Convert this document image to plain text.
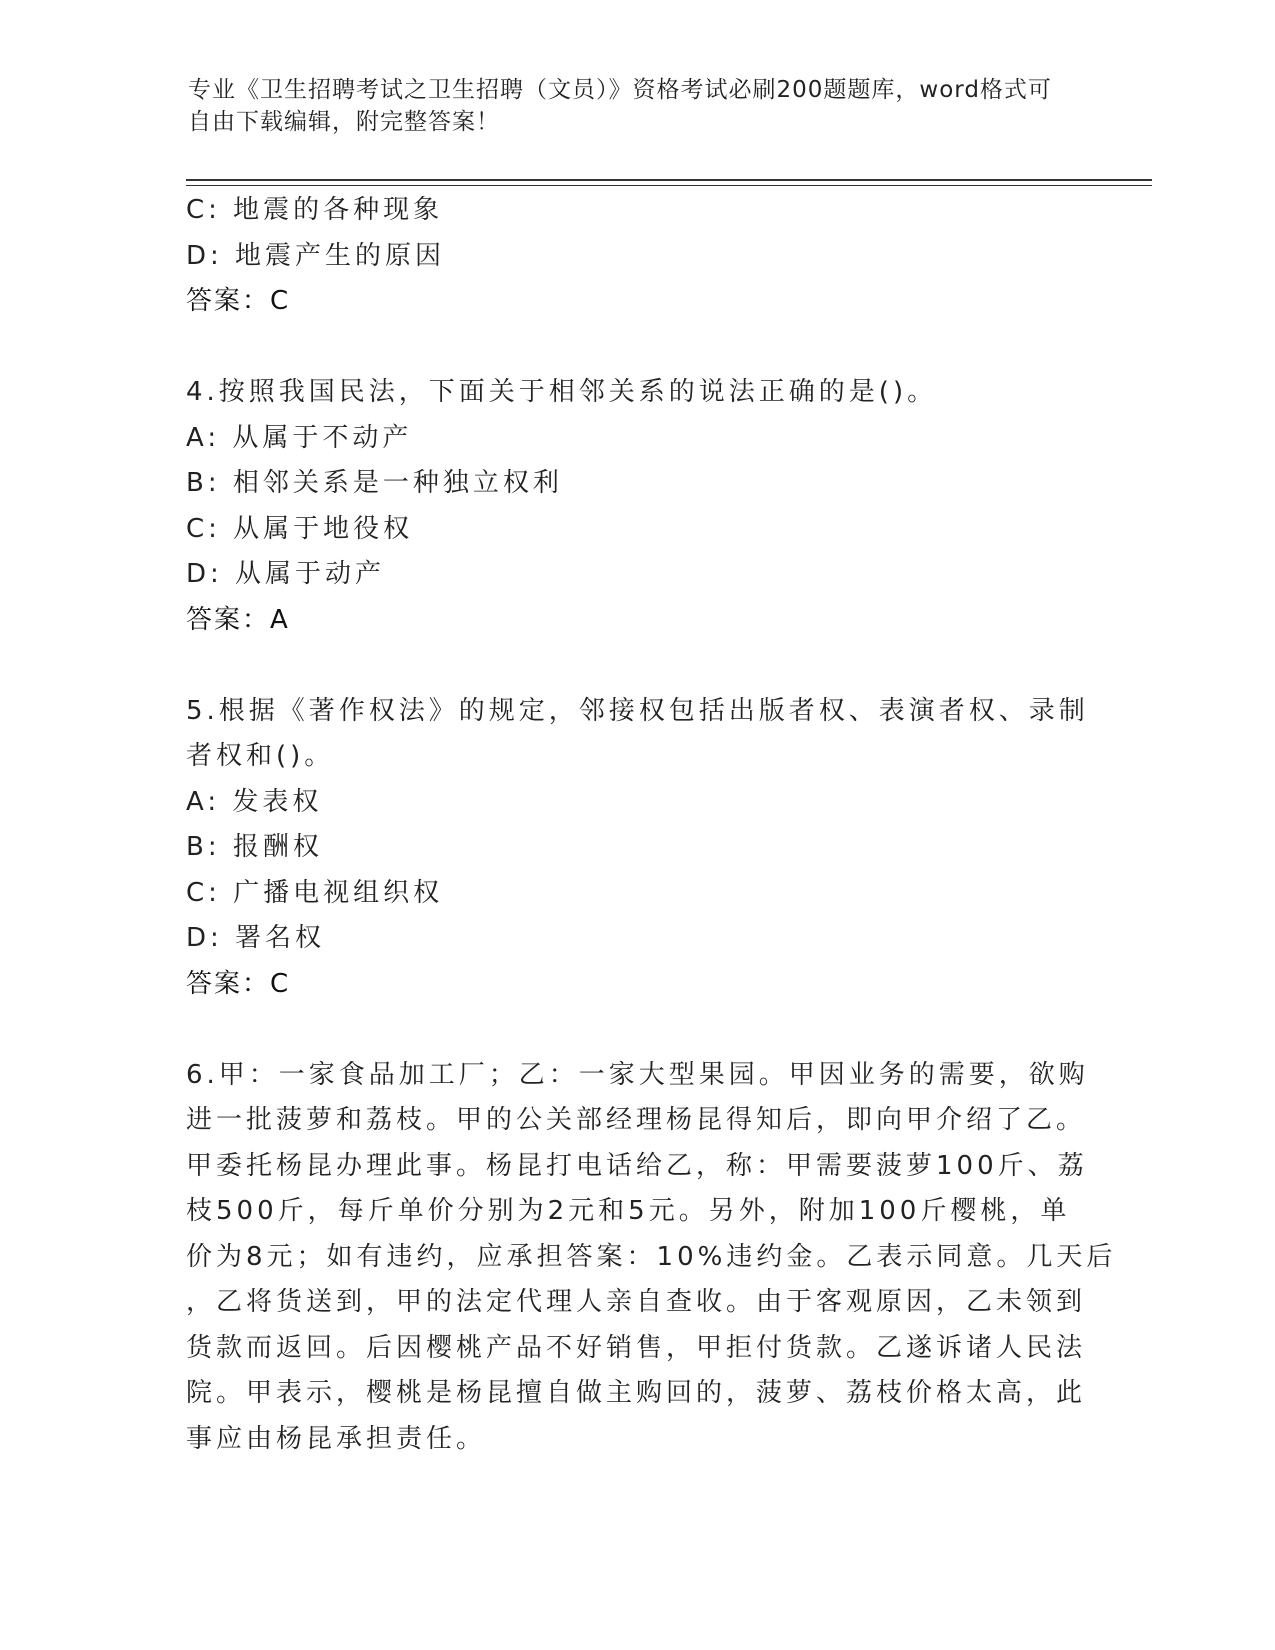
专业《卫生招聘考试之卫生招聘（文员）》资格考试必刷200题题库，word格式可自由下载编辑，附完整答案！
C: 地震的各种现象
D: 地震产生的原因
答案：C
4.按照我国民法，下面关于相邻关系的说法正确的是()。
A: 从属于不动产
B: 相邻关系是一种独立权利
C: 从属于地役权
D: 从属于动产
答案：A
5.根据《著作权法》的规定，邻接权包括出版者权、表演者权、录制
者权和()。
A: 发表权
B: 报酬权
C: 广播电视组织权
D: 署名权
答案：C
6.甲：一家食品加工厂；乙：一家大型果园。甲因业务的需要，欲购
进一批菠萝和荔枝。甲的公关部经理杨昆得知后，即向甲介绍了乙。
甲委托杨昆办理此事。杨昆打电话给乙，称：甲需要菠萝100斤、荔
枝500斤，每斤单价分别为2元和5元。另外，附加100斤樱桃，单
价为8元；如有违约，应承担答案：10%违约金。乙表示同意。几天后
，乙将货送到，甲的法定代理人亲自查收。由于客观原因，乙未领到
货款而返回。后因樱桃产品不好销售，甲拒付货款。乙遂诉诸人民法
院。甲表示，樱桃是杨昆擅自做主购回的，菠萝、荔枝价格太高，此
事应由杨昆承担责任。
